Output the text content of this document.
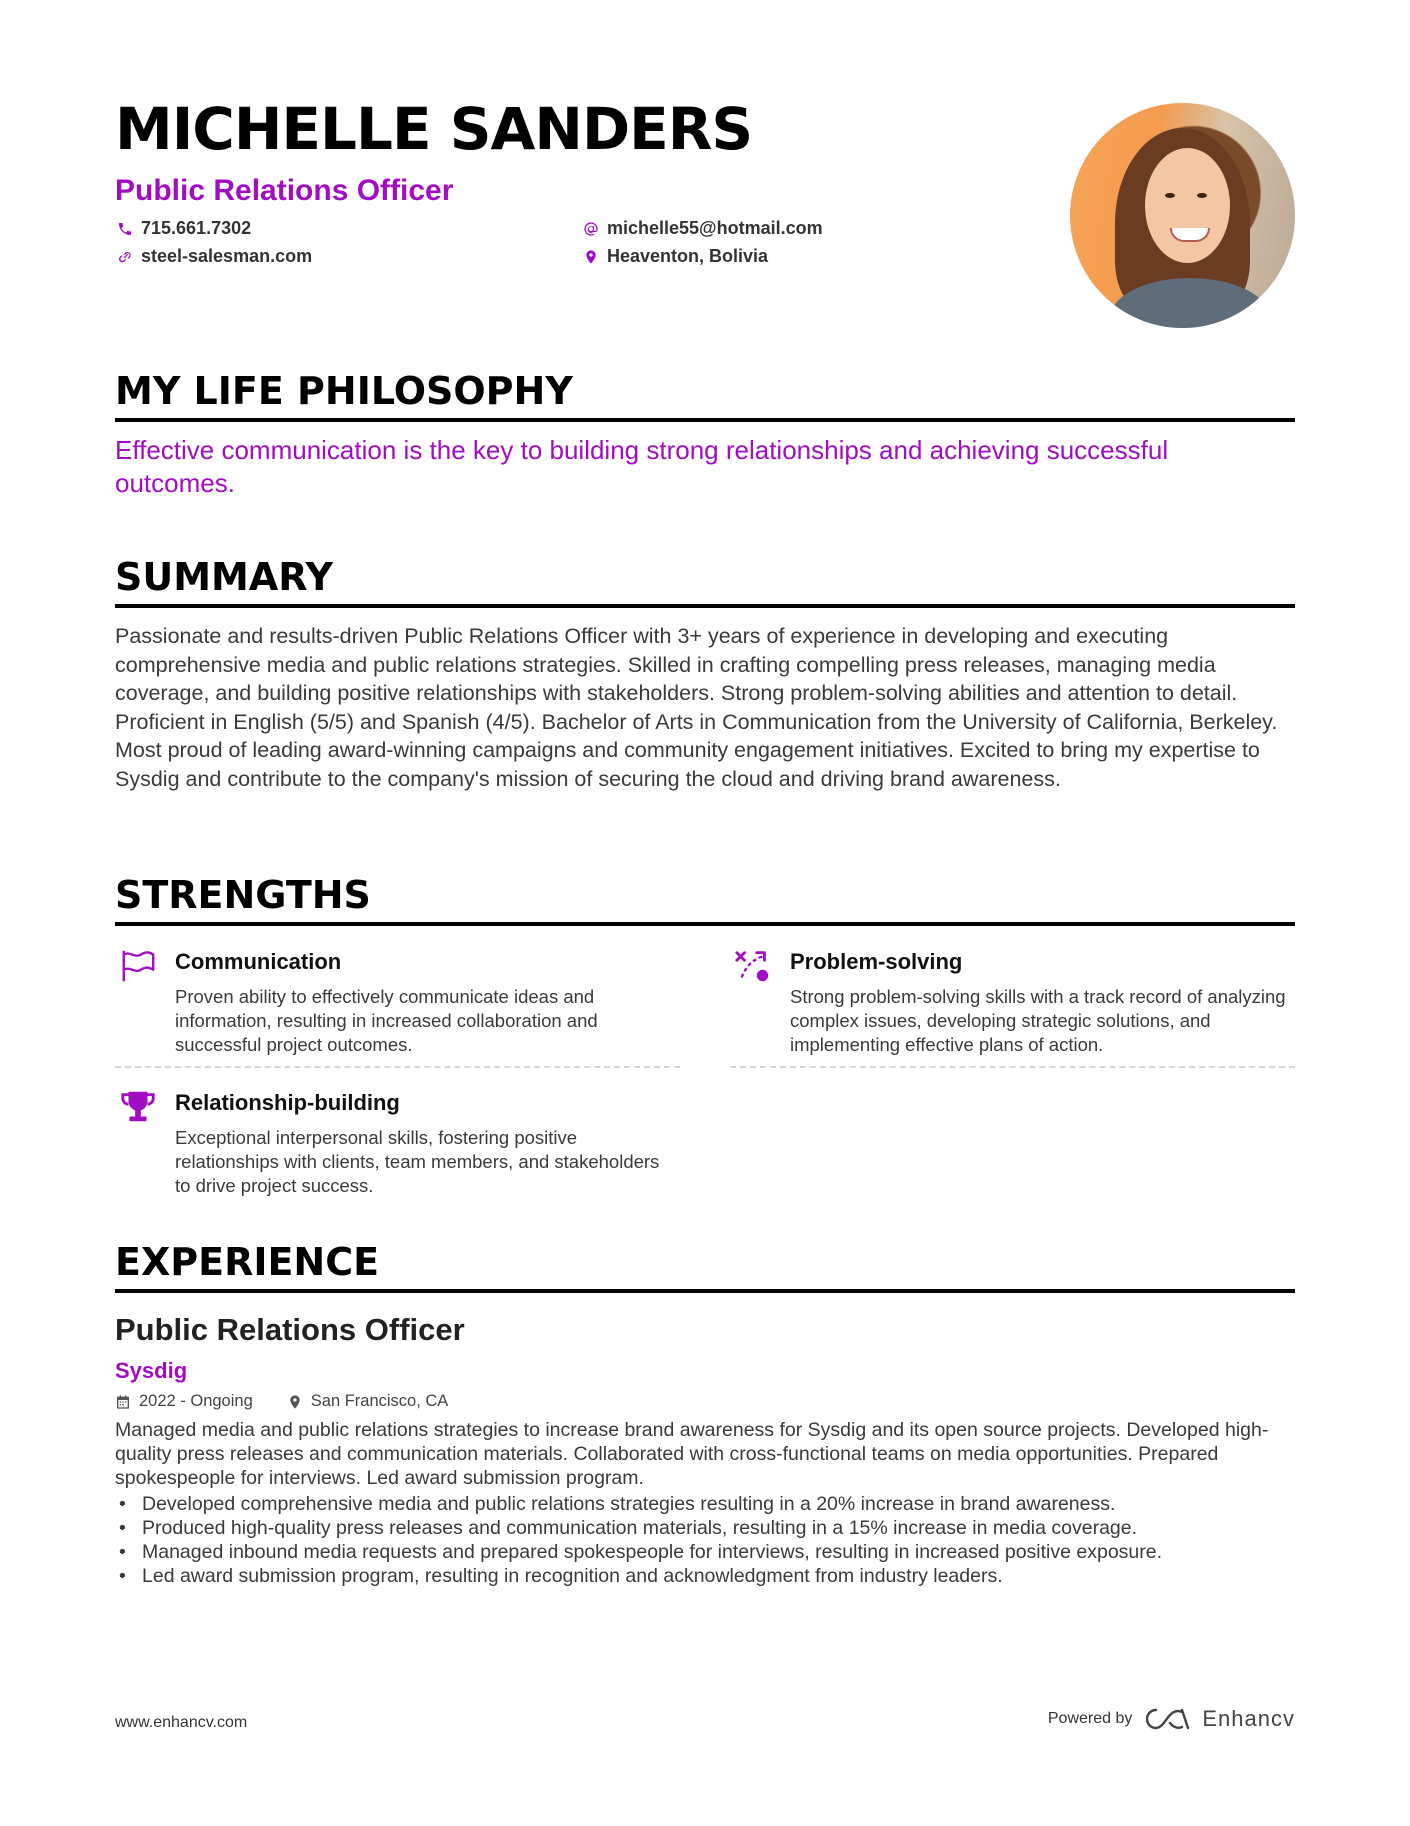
MICHELLE SANDERS
Public Relations Officer
715.661.7302	michelle55@hotmail.com
steel-salesman.com	Heaventon, Bolivia
MY LIFE PHILOSOPHY

Effective communication is the key to building strong relationships and achieving successful outcomes.

SUMMARY

Passionate and results-driven Public Relations Officer with 3+ years of experience in developing and executing comprehensive media and public relations strategies. Skilled in crafting compelling press releases, managing media coverage, and building positive relationships with stakeholders. Strong problem-solving abilities and attention to detail. Proficient in English (5/5) and Spanish (4/5). Bachelor of Arts in Communication from the University of California, Berkeley. Most proud of leading award-winning campaigns and community engagement initiatives. Excited to bring my expertise to Sysdig and contribute to the company's mission of securing the cloud and driving brand awareness.

STRENGTHS
Communication
Proven ability to effectively communicate ideas and information, resulting in increased collaboration and successful project outcomes.
Problem-solving
Strong problem-solving skills with a track record of analyzing complex issues, developing strategic solutions, and implementing effective plans of action.
Relationship-building
Exceptional interpersonal skills, fostering positive relationships with clients, team members, and stakeholders to drive project success.
EXPERIENCE
Public Relations Officer
Sysdig
2022 - Ongoing	San Francisco, CA

Managed media and public relations strategies to increase brand awareness for Sysdig and its open source projects. Developed high-quality press releases and communication materials. Collaborated with cross-functional teams on media opportunities. Prepared spokespeople for interviews. Led award submission program.

• Developed comprehensive media and public relations strategies resulting in a 20% increase in brand awareness.
• Produced high-quality press releases and communication materials, resulting in a 15% increase in media coverage.
• Managed inbound media requests and prepared spokespeople for interviews, resulting in increased positive exposure.
• Led award submission program, resulting in recognition and acknowledgment from industry leaders.
www.enhancv.com	Powered by	Enhancv
